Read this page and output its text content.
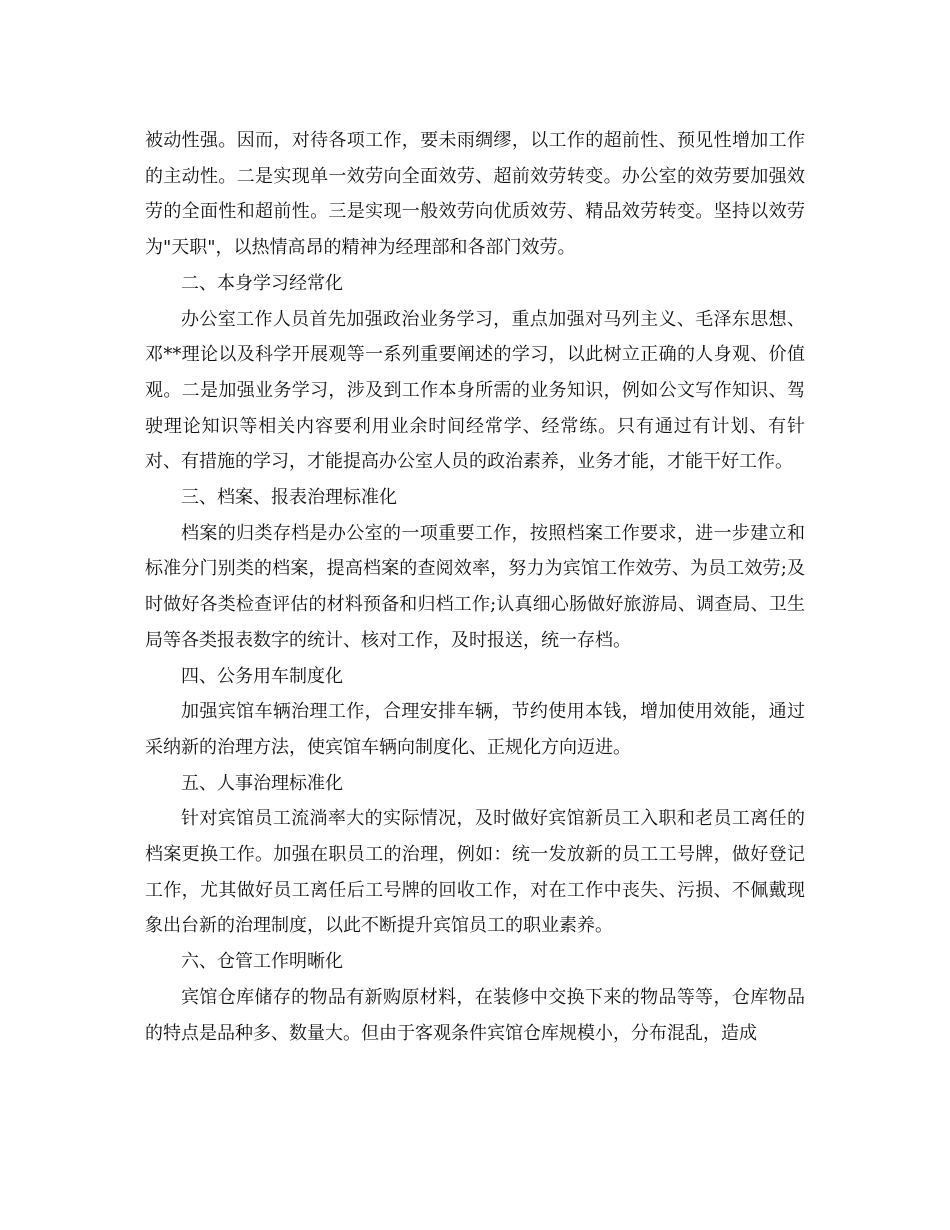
被动性强。因而，对待各项工作，要未雨绸缪，以工作的超前性、预见性增加工作的主动性。二是实现单一效劳向全面效劳、超前效劳转变。办公室的效劳要加强效劳的全面性和超前性。三是实现一般效劳向优质效劳、精品效劳转变。坚持以效劳为"天职"，以热情高昂的精神为经理部和各部门效劳。

二、本身学习经常化

办公室工作人员首先加强政治业务学习，重点加强对马列主义、毛泽东思想、邓**理论以及科学开展观等一系列重要阐述的学习，以此树立正确的人身观、价值观。二是加强业务学习，涉及到工作本身所需的业务知识，例如公文写作知识、驾驶理论知识等相关内容要利用业余时间经常学、经常练。只有通过有计划、有针对、有措施的学习，才能提高办公室人员的政治素养，业务才能，才能干好工作。

三、档案、报表治理标准化

档案的归类存档是办公室的一项重要工作，按照档案工作要求，进一步建立和标准分门别类的档案，提高档案的查阅效率，努力为宾馆工作效劳、为员工效劳;及时做好各类检查评估的材料预备和归档工作;认真细心肠做好旅游局、调查局、卫生局等各类报表数字的统计、核对工作，及时报送，统一存档。

四、公务用车制度化

加强宾馆车辆治理工作，合理安排车辆，节约使用本钱，增加使用效能，通过采纳新的治理方法，使宾馆车辆向制度化、正规化方向迈进。

五、人事治理标准化

针对宾馆员工流淌率大的实际情况，及时做好宾馆新员工入职和老员工离任的档案更换工作。加强在职员工的治理，例如：统一发放新的员工工号牌，做好登记工作，尤其做好员工离任后工号牌的回收工作，对在工作中丧失、污损、不佩戴现象出台新的治理制度，以此不断提升宾馆员工的职业素养。

六、仓管工作明晰化

宾馆仓库储存的物品有新购原材料，在装修中交换下来的物品等等，仓库物品的特点是品种多、数量大。但由于客观条件宾馆仓库规模小，分布混乱，造成
